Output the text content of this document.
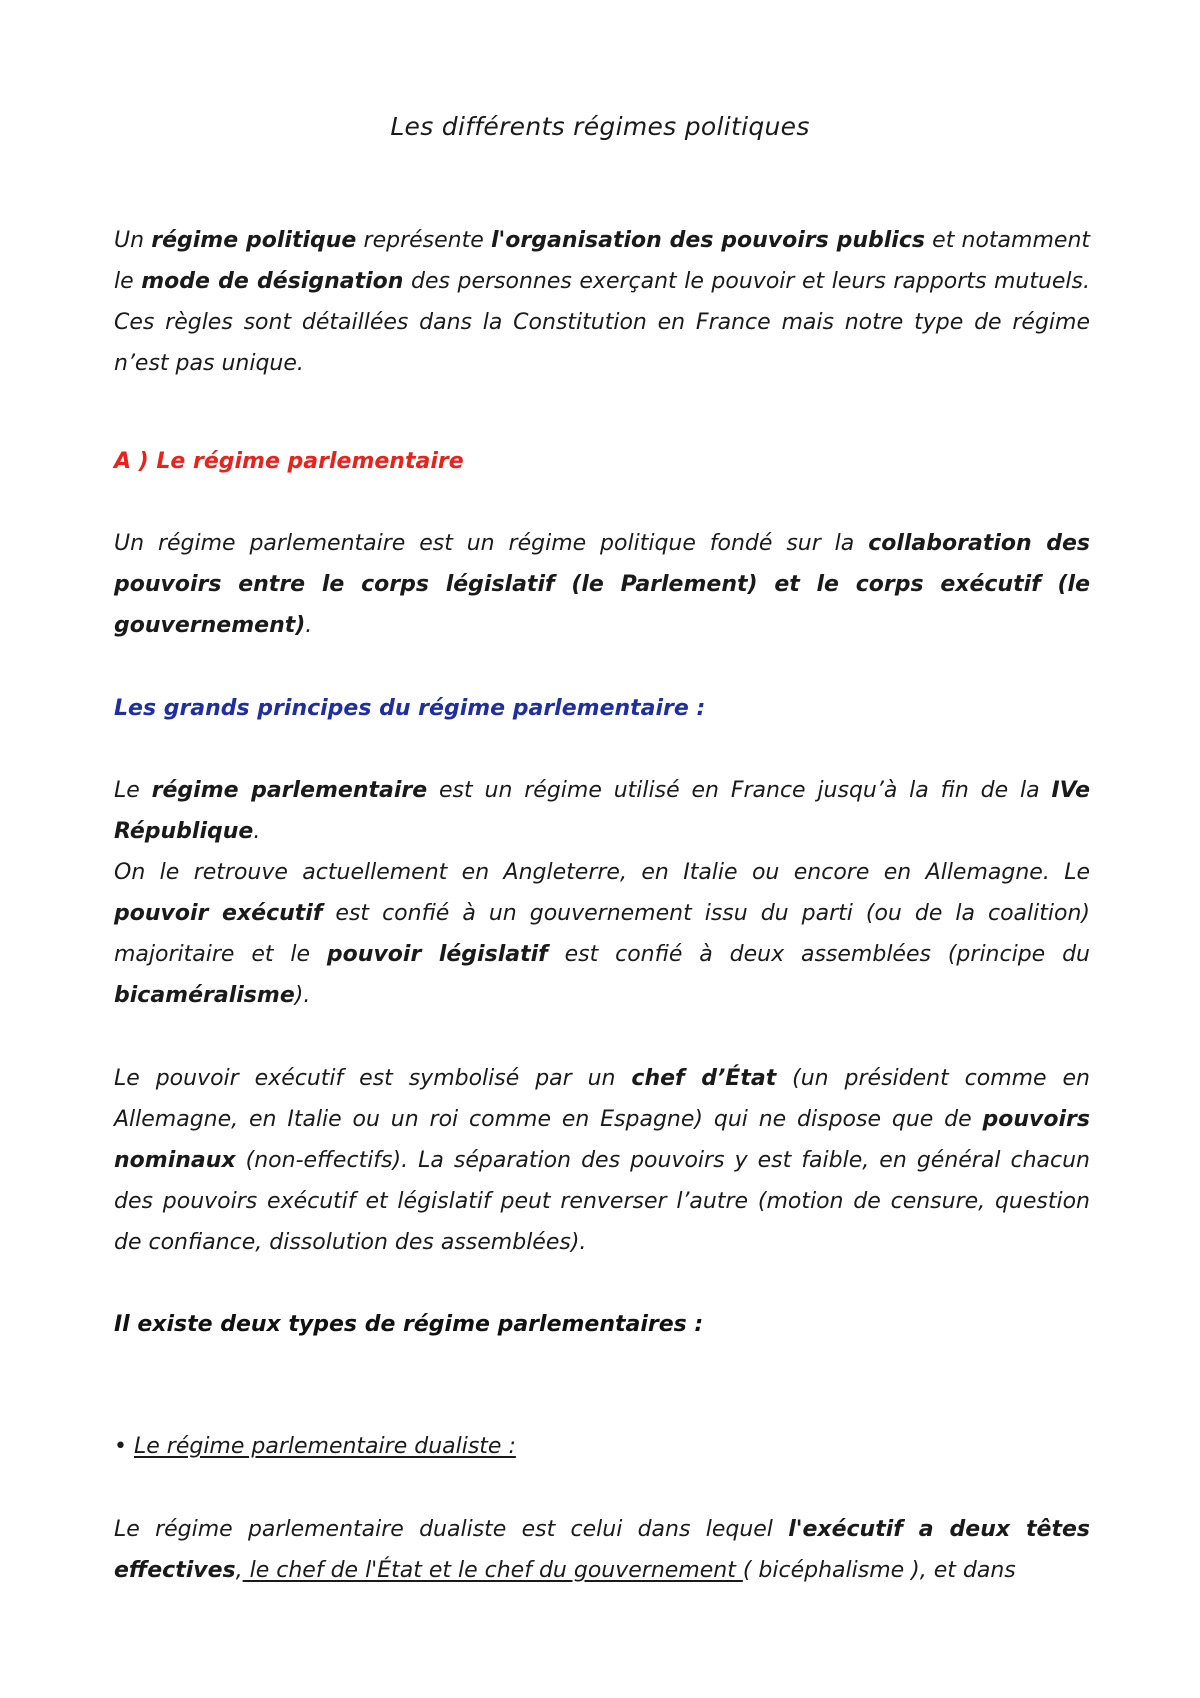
Les différents régimes politiques
Un régime politique représente l'organisation des pouvoirs publics et notamment le mode de désignation des personnes exerçant le pouvoir et leurs rapports mutuels. Ces règles sont détaillées dans la Constitution en France mais notre type de régime n’est pas unique.
A ) Le régime parlementaire
Un régime parlementaire est un régime politique fondé sur la collaboration des pouvoirs entre le corps législatif (le Parlement) et le corps exécutif (le gouvernement).
Les grands principes du régime parlementaire :
Le régime parlementaire est un régime utilisé en France jusqu’à la fin de la IVe République.
On le retrouve actuellement en Angleterre, en Italie ou encore en Allemagne. Le pouvoir exécutif est confié à un gouvernement issu du parti (ou de la coalition) majoritaire et le pouvoir législatif est confié à deux assemblées (principe du bicaméralisme).
Le pouvoir exécutif est symbolisé par un chef d’État (un président comme en Allemagne, en Italie ou un roi comme en Espagne) qui ne dispose que de pouvoirs nominaux (non-effectifs). La séparation des pouvoirs y est faible, en général chacun des pouvoirs exécutif et législatif peut renverser l’autre (motion de censure, question de confiance, dissolution des assemblées).
Il existe deux types de régime parlementaires :
• Le régime parlementaire dualiste :
Le régime parlementaire dualiste est celui dans lequel l'exécutif a deux têtes effectives, le chef de l'État et le chef du gouvernement ( bicéphalisme ), et dans
